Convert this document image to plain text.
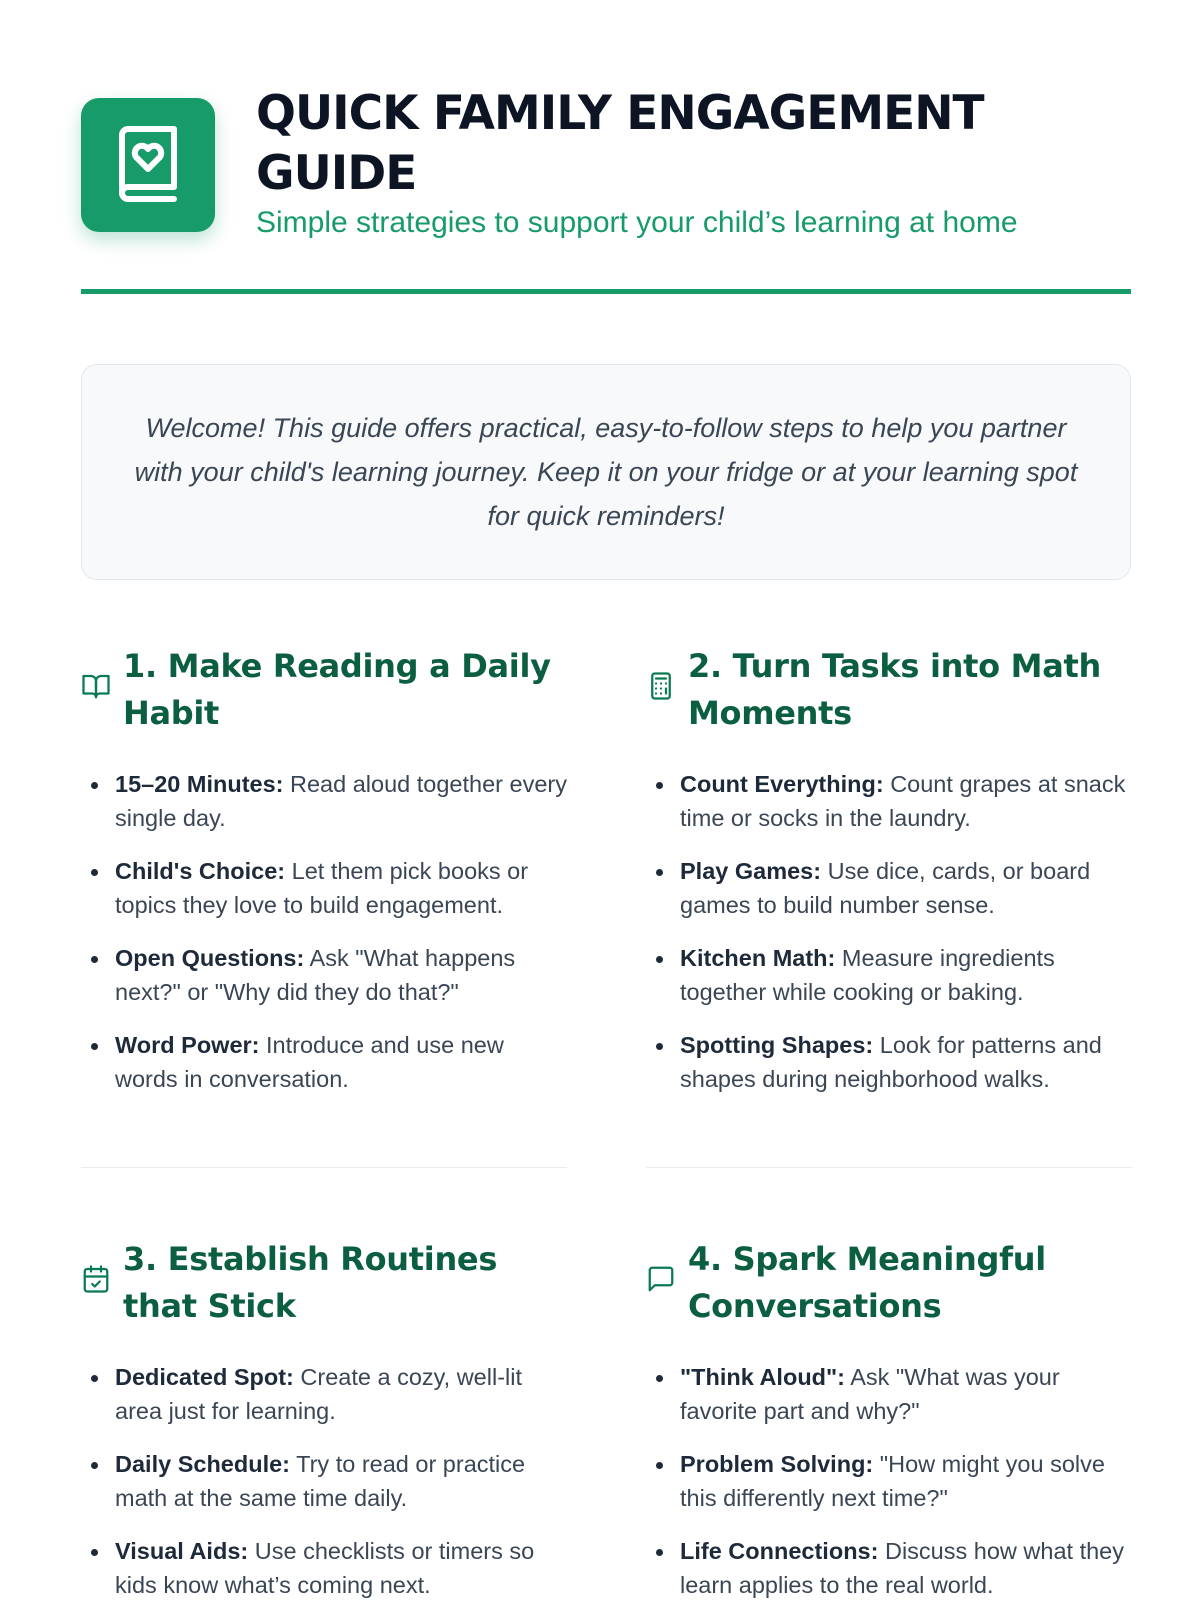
QUICK FAMILY ENGAGEMENT GUIDE
Simple strategies to support your child’s learning at home

Welcome! This guide offers practical, easy-to-follow steps to help you partner with your child's learning journey. Keep it on your fridge or at your learning spot for quick reminders!

1. Make Reading a Daily Habit
15–20 Minutes: Read aloud together every single day.
Child's Choice: Let them pick books or topics they love to build engagement.
Open Questions: Ask "What happens next?" or "Why did they do that?"
Word Power: Introduce and use new words in conversation.
2. Turn Tasks into Math Moments
Count Everything: Count grapes at snack time or socks in the laundry.
Play Games: Use dice, cards, or board games to build number sense.
Kitchen Math: Measure ingredients together while cooking or baking.
Spotting Shapes: Look for patterns and shapes during neighborhood walks.
3. Establish Routines that Stick
Dedicated Spot: Create a cozy, well-lit area just for learning.
Daily Schedule: Try to read or practice math at the same time daily.
Visual Aids: Use checklists or timers so kids know what’s coming next.
4. Spark Meaningful Conversations
"Think Aloud": Ask "What was your favorite part and why?"
Problem Solving: "How might you solve this differently next time?"
Life Connections: Discuss how what they learn applies to the real world.
